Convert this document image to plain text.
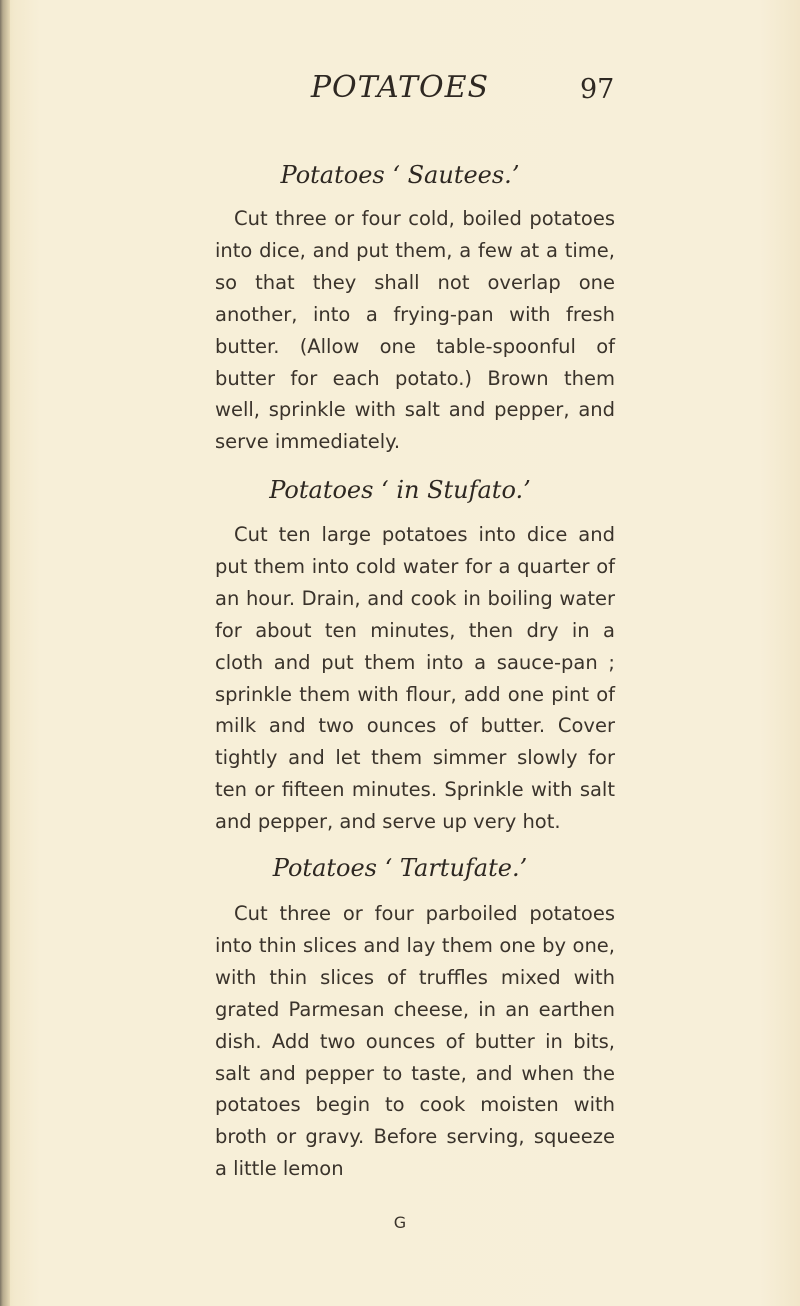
POTATOES	97
Potatoes ‘ Sautees.’
Cut three or four cold, boiled potatoes into dice, and put them, a few at a time, so that they shall not overlap one another, into a frying-pan with fresh butter. (Allow one table-spoonful of butter for each potato.) Brown them well, sprinkle with salt and pepper, and serve immediately.
Potatoes ‘ in Stufato.’
Cut ten large potatoes into dice and put them into cold water for a quarter of an hour. Drain, and cook in boiling water for about ten minutes, then dry in a cloth and put them into a sauce-pan ; sprinkle them with flour, add one pint of milk and two ounces of butter. Cover tightly and let them simmer slowly for ten or fifteen minutes. Sprinkle with salt and pepper, and serve up very hot.
Potatoes ‘ Tartufate.’
Cut three or four parboiled potatoes into thin slices and lay them one by one, with thin slices of truffles mixed with grated Parmesan cheese, in an earthen dish. Add two ounces of butter in bits, salt and pepper to taste, and when the potatoes begin to cook moisten with broth or gravy. Before serving, squeeze a little lemon
G
